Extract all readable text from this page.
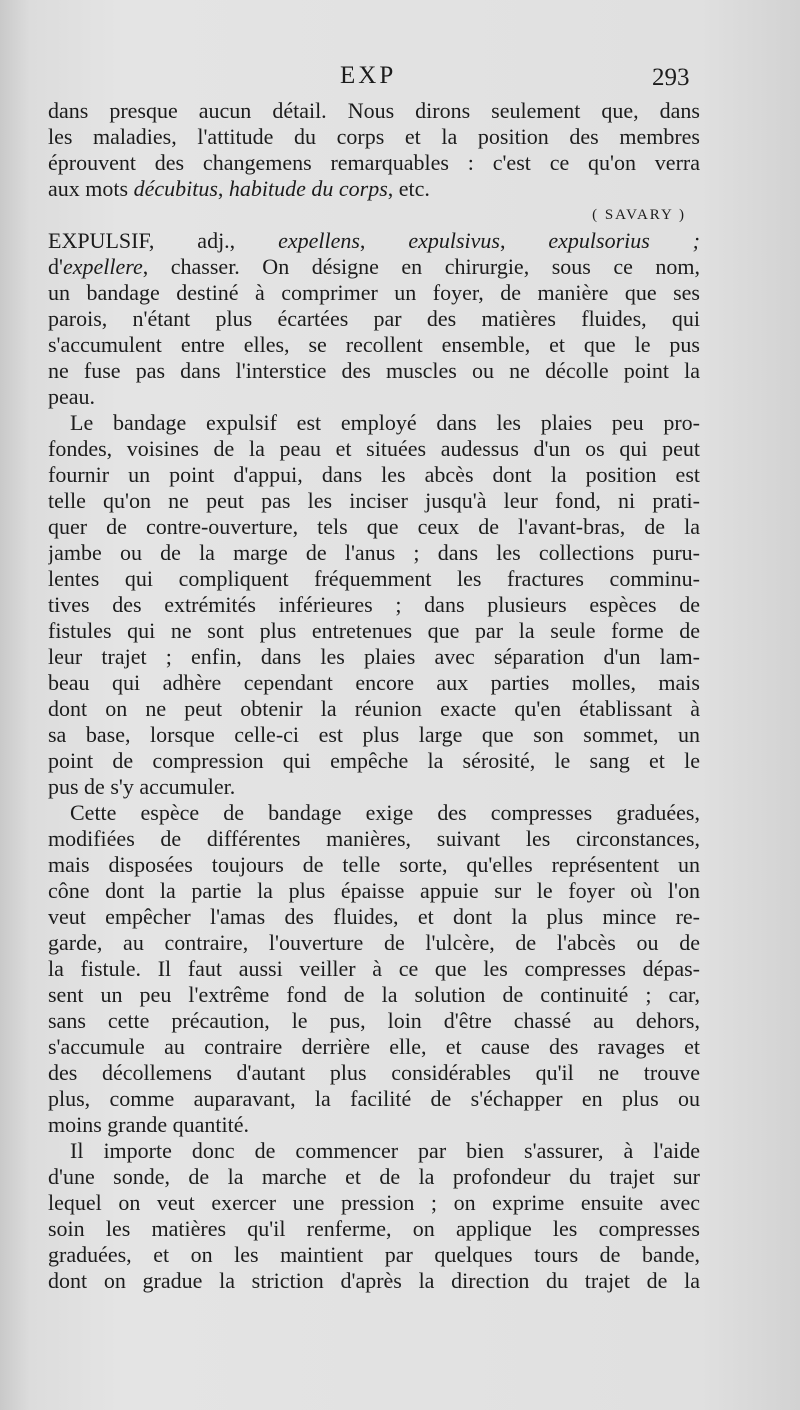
EXP	293
dans presque aucun détail. Nous dirons seulement que, dans
les maladies, l'attitude du corps et la position des membres
éprouvent des changemens remarquables : c'est ce qu'on verra
aux mots décubitus, habitude du corps, etc.
( SAVARY )
EXPULSIF, adj., expellens, expulsivus, expulsorius ;
d'expellere, chasser. On désigne en chirurgie, sous ce nom,
un bandage destiné à comprimer un foyer, de manière que ses
parois, n'étant plus écartées par des matières fluides, qui
s'accumulent entre elles, se recollent ensemble, et que le pus
ne fuse pas dans l'interstice des muscles ou ne décolle point la
peau.
Le bandage expulsif est employé dans les plaies peu pro-
fondes, voisines de la peau et situées audessus d'un os qui peut
fournir un point d'appui, dans les abcès dont la position est
telle qu'on ne peut pas les inciser jusqu'à leur fond, ni prati-
quer de contre-ouverture, tels que ceux de l'avant-bras, de la
jambe ou de la marge de l'anus ; dans les collections puru-
lentes qui compliquent fréquemment les fractures comminu-
tives des extrémités inférieures ; dans plusieurs espèces de
fistules qui ne sont plus entretenues que par la seule forme de
leur trajet ; enfin, dans les plaies avec séparation d'un lam-
beau qui adhère cependant encore aux parties molles, mais
dont on ne peut obtenir la réunion exacte qu'en établissant à
sa base, lorsque celle-ci est plus large que son sommet, un
point de compression qui empêche la sérosité, le sang et le
pus de s'y accumuler.
Cette espèce de bandage exige des compresses graduées,
modifiées de différentes manières, suivant les circonstances,
mais disposées toujours de telle sorte, qu'elles représentent un
cône dont la partie la plus épaisse appuie sur le foyer où l'on
veut empêcher l'amas des fluides, et dont la plus mince re-
garde, au contraire, l'ouverture de l'ulcère, de l'abcès ou de
la fistule. Il faut aussi veiller à ce que les compresses dépas-
sent un peu l'extrême fond de la solution de continuité ; car,
sans cette précaution, le pus, loin d'être chassé au dehors,
s'accumule au contraire derrière elle, et cause des ravages et
des décollemens d'autant plus considérables qu'il ne trouve
plus, comme auparavant, la facilité de s'échapper en plus ou
moins grande quantité.
Il importe donc de commencer par bien s'assurer, à l'aide
d'une sonde, de la marche et de la profondeur du trajet sur
lequel on veut exercer une pression ; on exprime ensuite avec
soin les matières qu'il renferme, on applique les compresses
graduées, et on les maintient par quelques tours de bande,
dont on gradue la striction d'après la direction du trajet de la
